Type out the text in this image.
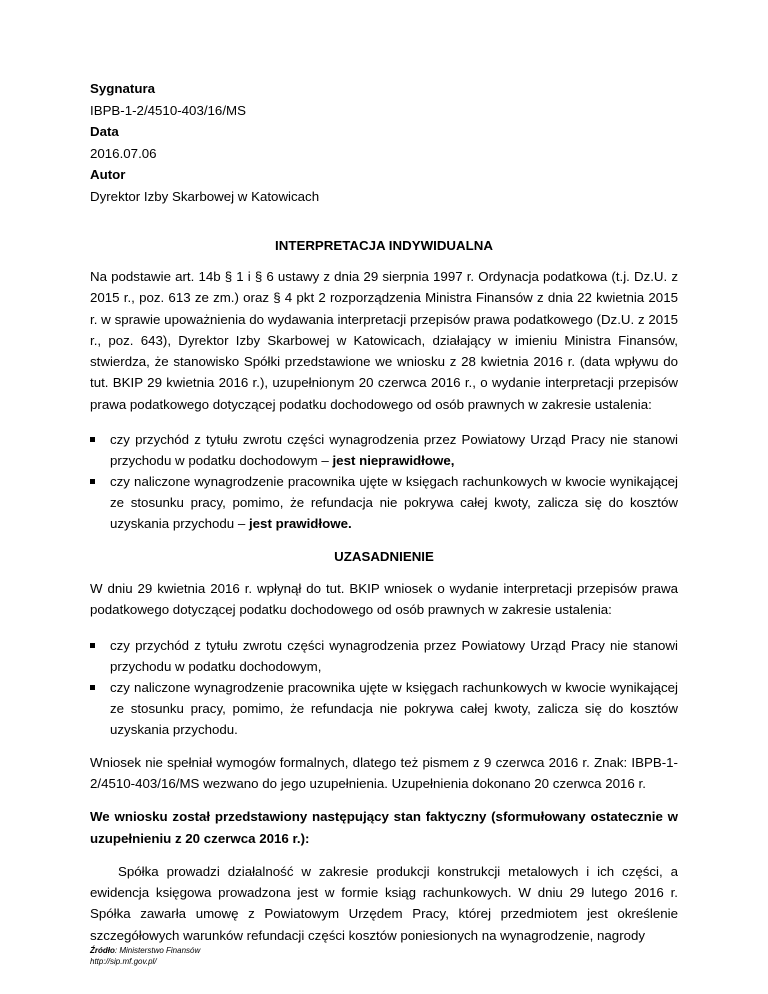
Sygnatura
IBPB-1-2/4510-403/16/MS
Data
2016.07.06
Autor
Dyrektor Izby Skarbowej w Katowicach
INTERPRETACJA INDYWIDUALNA

Na podstawie art. 14b § 1 i § 6 ustawy z dnia 29 sierpnia 1997 r. Ordynacja podatkowa (t.j. Dz.U. z 2015 r., poz. 613 ze zm.) oraz § 4 pkt 2 rozporządzenia Ministra Finansów z dnia 22 kwietnia 2015 r. w sprawie upoważnienia do wydawania interpretacji przepisów prawa podatkowego (Dz.U. z 2015 r., poz. 643), Dyrektor Izby Skarbowej w Katowicach, działający w imieniu Ministra Finansów, stwierdza, że stanowisko Spółki przedstawione we wniosku z 28 kwietnia 2016 r. (data wpływu do tut. BKIP 29 kwietnia 2016 r.), uzupełnionym 20 czerwca 2016 r., o wydanie interpretacji przepisów prawa podatkowego dotyczącej podatku dochodowego od osób prawnych w zakresie ustalenia:

czy przychód z tytułu zwrotu części wynagrodzenia przez Powiatowy Urząd Pracy nie stanowi przychodu w podatku dochodowym – jest nieprawidłowe,
czy naliczone wynagrodzenie pracownika ujęte w księgach rachunkowych w kwocie wynikającej ze stosunku pracy, pomimo, że refundacja nie pokrywa całej kwoty, zalicza się do kosztów uzyskania przychodu – jest prawidłowe.
UZASADNIENIE

W dniu 29 kwietnia 2016 r. wpłynął do tut. BKIP wniosek o wydanie interpretacji przepisów prawa podatkowego dotyczącej podatku dochodowego od osób prawnych w zakresie ustalenia:

czy przychód z tytułu zwrotu części wynagrodzenia przez Powiatowy Urząd Pracy nie stanowi przychodu w podatku dochodowym,
czy naliczone wynagrodzenie pracownika ujęte w księgach rachunkowych w kwocie wynikającej ze stosunku pracy, pomimo, że refundacja nie pokrywa całej kwoty, zalicza się do kosztów uzyskania przychodu.

Wniosek nie spełniał wymogów formalnych, dlatego też pismem z 9 czerwca 2016 r. Znak: IBPB-1-2/4510-403/16/MS wezwano do jego uzupełnienia. Uzupełnienia dokonano 20 czerwca 2016 r.

We wniosku został przedstawiony następujący stan faktyczny (sformułowany ostatecznie w uzupełnieniu z 20 czerwca 2016 r.):

Spółka prowadzi działalność w zakresie produkcji konstrukcji metalowych i ich części, a ewidencja księgowa prowadzona jest w formie ksiąg rachunkowych. W dniu 29 lutego 2016 r. Spółka zawarła umowę z Powiatowym Urzędem Pracy, której przedmiotem jest określenie szczegółowych warunków refundacji części kosztów poniesionych na wynagrodzenie, nagrody

Źródło: Ministerstwo Finansów
http://sip.mf.gov.pl/
